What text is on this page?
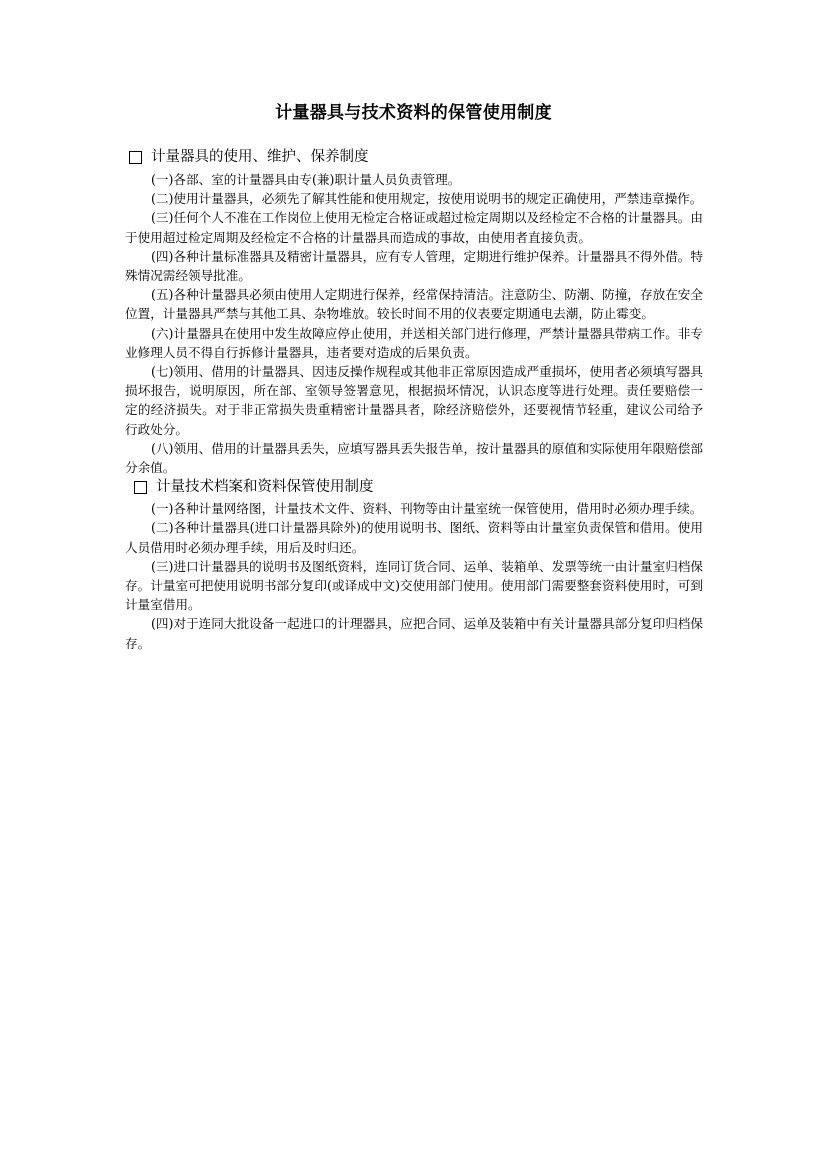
计量器具与技术资料的保管使用制度
计量器具的使用、维护、保养制度

(一)各部、室的计量器具由专(兼)职计量人员负责管理。

(二)使用计量器具，必须先了解其性能和使用规定，按使用说明书的规定正确使用，严禁违章操作。

(三)任何个人不准在工作岗位上使用无检定合格证或超过检定周期以及经检定不合格的计量器具。由于使用超过检定周期及经检定不合格的计量器具而造成的事故，由使用者直接负责。

(四)各种计量标准器具及精密计量器具，应有专人管理，定期进行维护保养。计量器具不得外借。特殊情况需经领导批准。

(五)各种计量器具必须由使用人定期进行保养，经常保持清洁。注意防尘、防潮、防撞，存放在安全位置，计量器具严禁与其他工具、杂物堆放。较长时间不用的仪表要定期通电去潮，防止霉变。

(六)计量器具在使用中发生故障应停止使用，并送相关部门进行修理，严禁计量器具带病工作。非专业修理人员不得自行拆修计量器具，违者要对造成的后果负责。

(七)领用、借用的计量器具、因违反操作规程或其他非正常原因造成严重损坏，使用者必须填写器具损坏报告，说明原因，所在部、室领导签署意见，根据损坏情况，认识态度等进行处理。责任要赔偿一定的经济损失。对于非正常损失贵重精密计量器具者，除经济赔偿外，还要视情节轻重，建议公司给予行政处分。

(八)领用、借用的计量器具丢失，应填写器具丢失报告单，按计量器具的原值和实际使用年限赔偿部分余值。

计量技术档案和资料保管使用制度

(一)各种计量网络图，计量技术文件、资料、刊物等由计量室统一保管使用，借用时必须办理手续。

(二)各种计量器具(进口计量器具除外)的使用说明书、图纸、资料等由计量室负责保管和借用。使用人员借用时必须办理手续，用后及时归还。

(三)进口计量器具的说明书及图纸资料，连同订货合同、运单、装箱单、发票等统一由计量室归档保存。计量室可把使用说明书部分复印(或译成中文)交使用部门使用。使用部门需要整套资料使用时，可到计量室借用。

(四)对于连同大批设备一起进口的计理器具，应把合同、运单及装箱中有关计量器具部分复印归档保存。
